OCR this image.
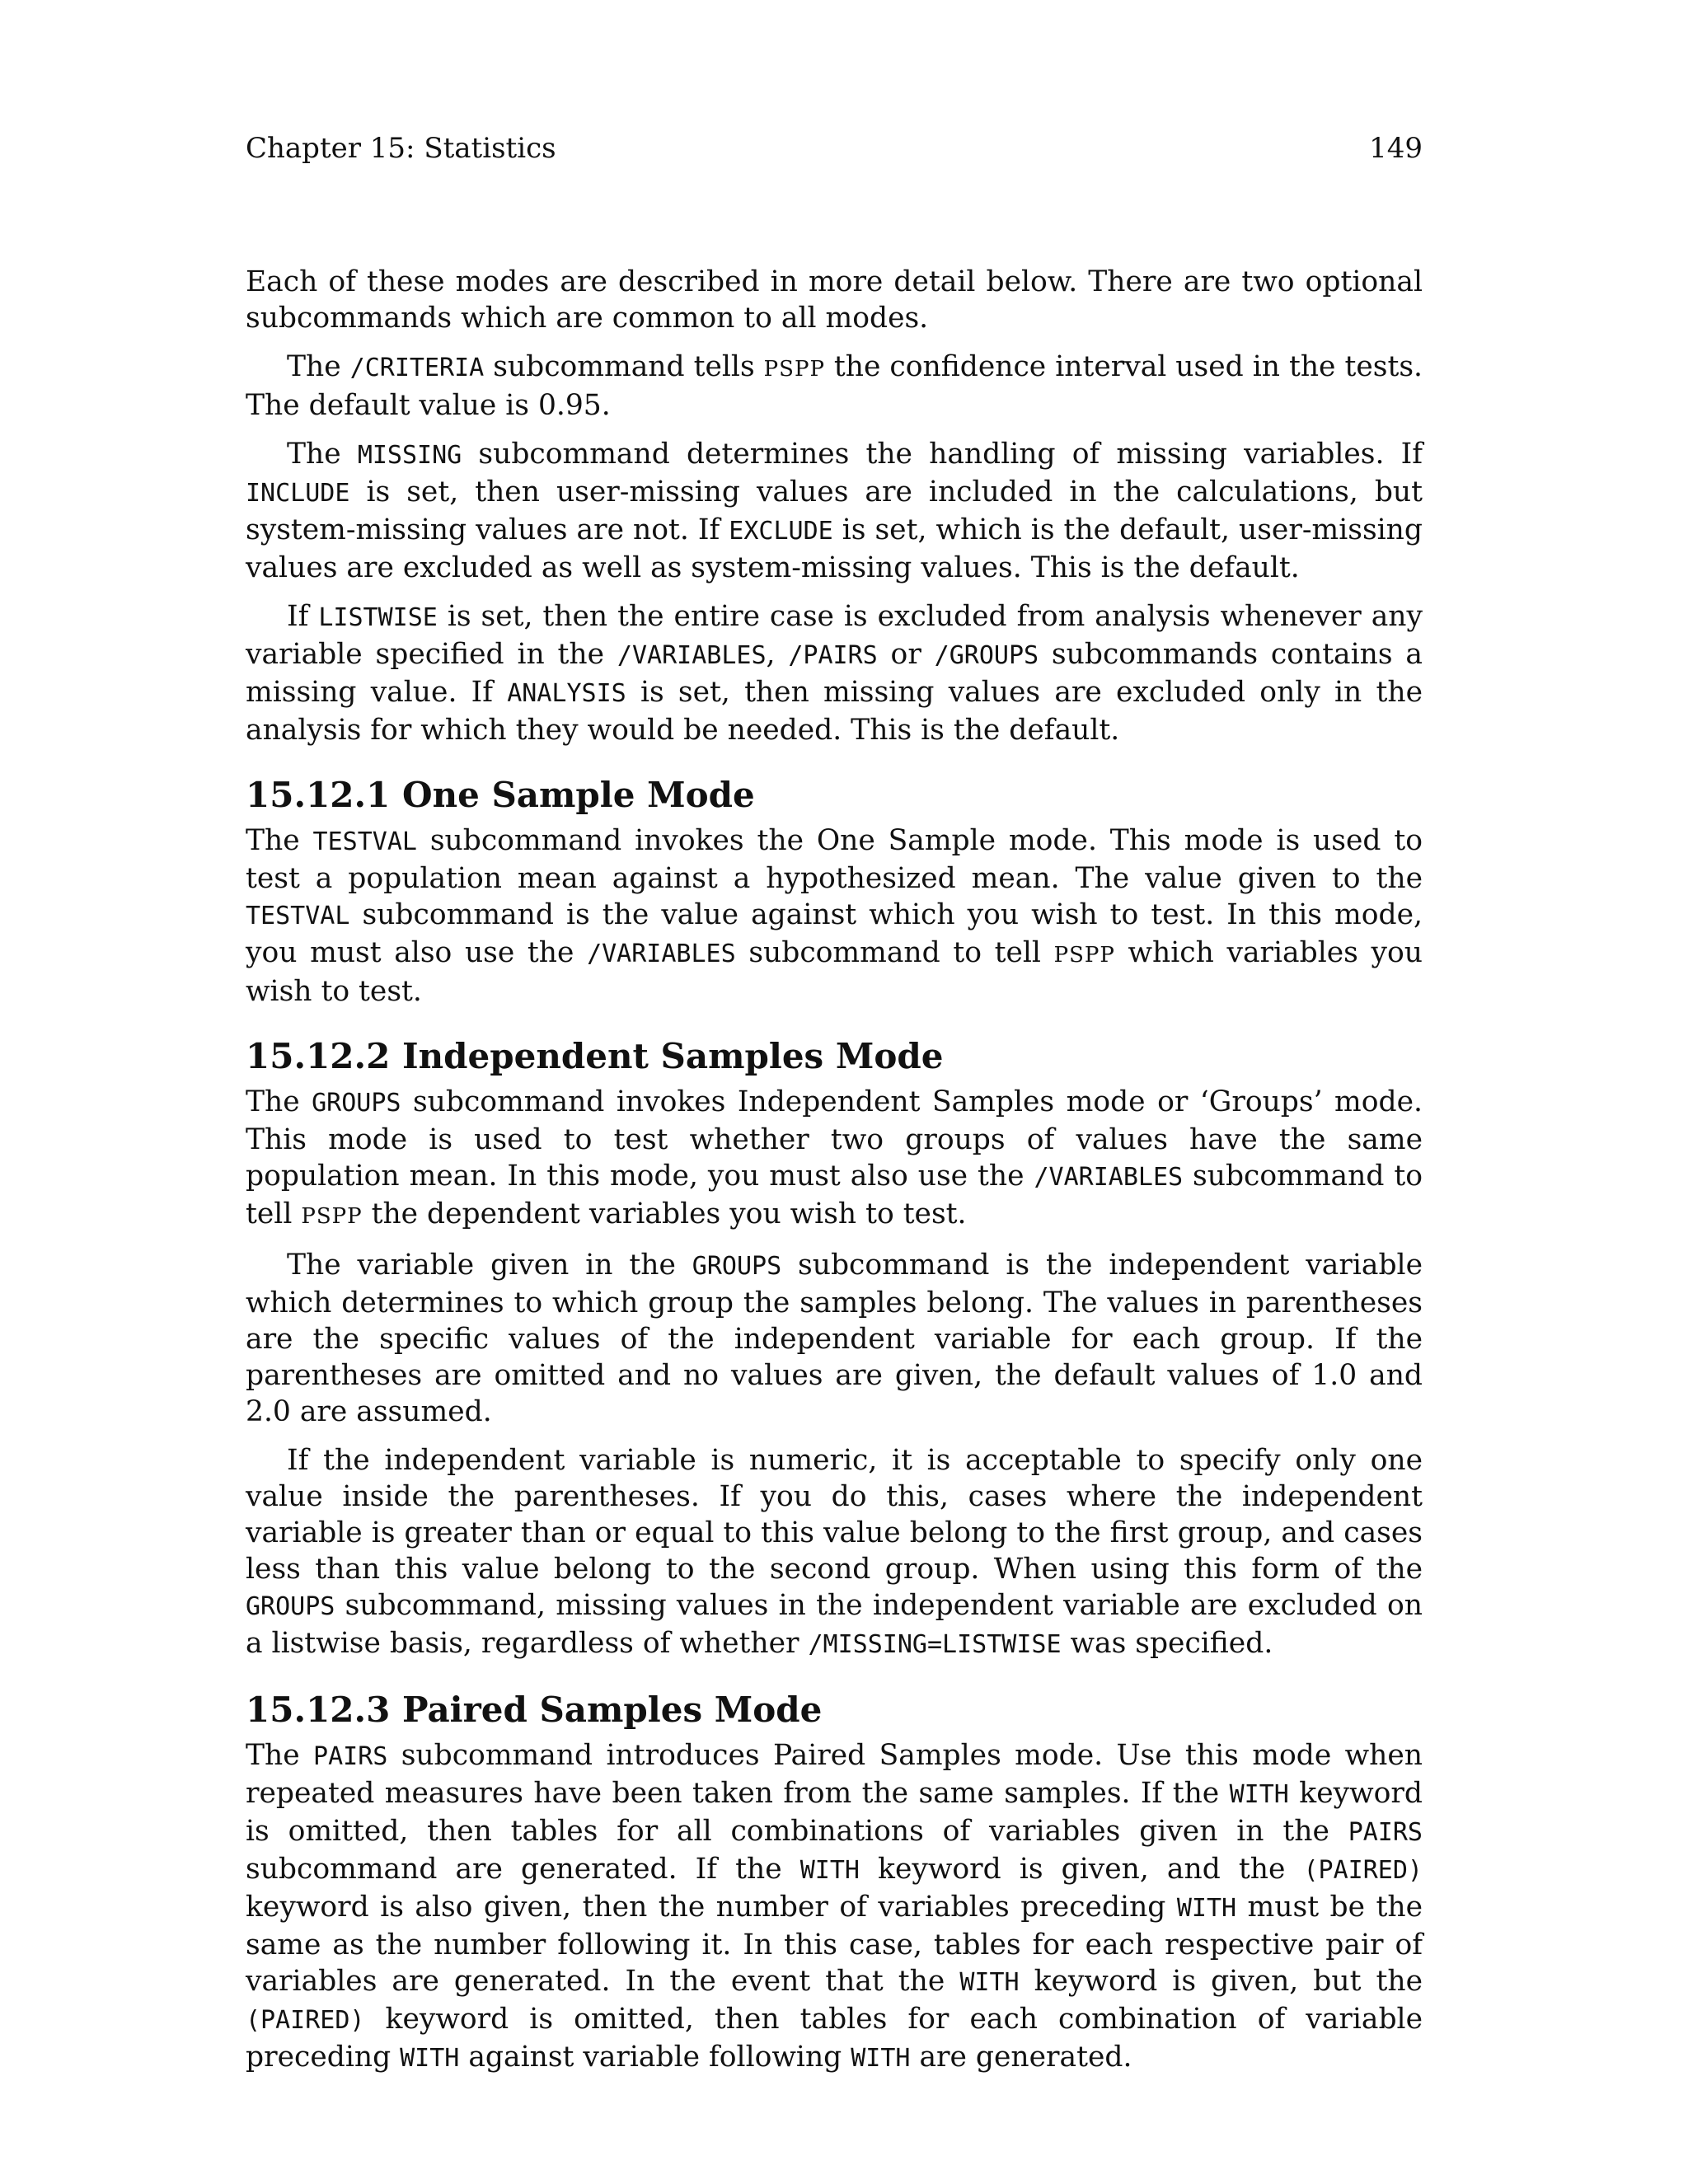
Chapter 15: Statistics	149

Each of these modes are described in more detail below. There are two optional subcommands which are common to all modes.

The /CRITERIA subcommand tells PSPP the confidence interval used in the tests. The default value is 0.95.

The MISSING subcommand determines the handling of missing variables. If INCLUDE is set, then user-missing values are included in the calculations, but system-missing values are not. If EXCLUDE is set, which is the default, user-missing values are excluded as well as system-missing values. This is the default.

If LISTWISE is set, then the entire case is excluded from analysis whenever any variable specified in the /VARIABLES, /PAIRS or /GROUPS subcommands contains a missing value. If ANALYSIS is set, then missing values are excluded only in the analysis for which they would be needed. This is the default.

15.12.1 One Sample Mode

The TESTVAL subcommand invokes the One Sample mode. This mode is used to test a population mean against a hypothesized mean. The value given to the TESTVAL subcommand is the value against which you wish to test. In this mode, you must also use the /VARIABLES subcommand to tell PSPP which variables you wish to test.

15.12.2 Independent Samples Mode

The GROUPS subcommand invokes Independent Samples mode or ‘Groups’ mode. This mode is used to test whether two groups of values have the same population mean. In this mode, you must also use the /VARIABLES subcommand to tell PSPP the dependent variables you wish to test.

The variable given in the GROUPS subcommand is the independent variable which determines to which group the samples belong. The values in parentheses are the specific values of the independent variable for each group. If the parentheses are omitted and no values are given, the default values of 1.0 and 2.0 are assumed.

If the independent variable is numeric, it is acceptable to specify only one value inside the parentheses. If you do this, cases where the independent variable is greater than or equal to this value belong to the first group, and cases less than this value belong to the second group. When using this form of the GROUPS subcommand, missing values in the independent variable are excluded on a listwise basis, regardless of whether /MISSING=LISTWISE was specified.

15.12.3 Paired Samples Mode

The PAIRS subcommand introduces Paired Samples mode. Use this mode when repeated measures have been taken from the same samples. If the WITH keyword is omitted, then tables for all combinations of variables given in the PAIRS subcommand are generated. If the WITH keyword is given, and the (PAIRED) keyword is also given, then the number of variables preceding WITH must be the same as the number following it. In this case, tables for each respective pair of variables are generated. In the event that the WITH keyword is given, but the (PAIRED) keyword is omitted, then tables for each combination of variable preceding WITH against variable following WITH are generated.
